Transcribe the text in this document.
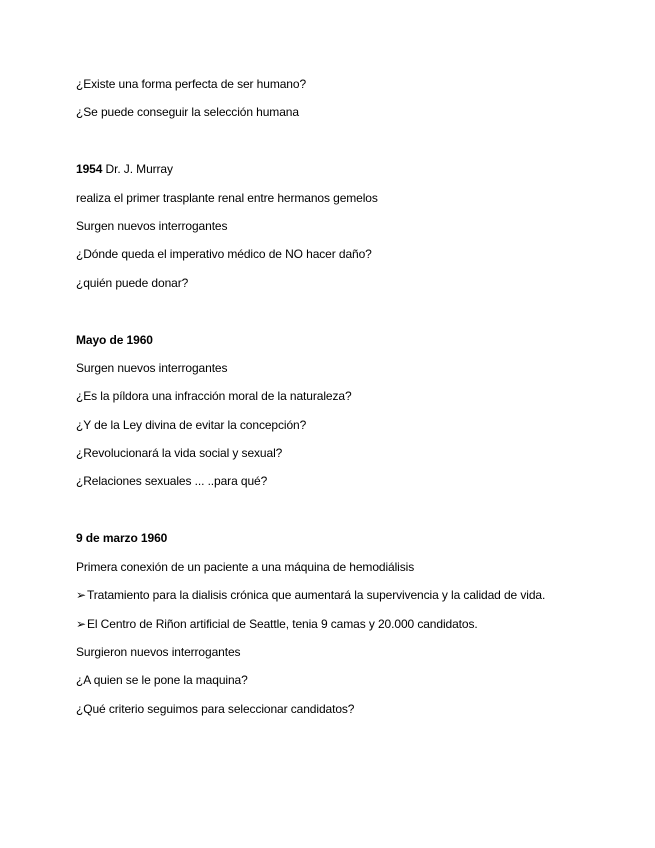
¿Existe una forma perfecta de ser humano?
¿Se puede conseguir la selección humana
1954 Dr. J. Murray
realiza el primer trasplante renal entre hermanos gemelos
Surgen nuevos interrogantes
¿Dónde queda el imperativo médico de NO hacer daño?
¿quién puede donar?
Mayo de 1960
Surgen nuevos interrogantes
¿Es la píldora una infracción moral de la naturaleza?
¿Y de la Ley divina de evitar la concepción?
¿Revolucionará la vida social y sexual?
¿Relaciones sexuales ... ..para qué?
9 de marzo 1960
Primera conexión de un paciente a una máquina de hemodiálisis
➢Tratamiento para la dialisis crónica que aumentará la supervivencia y la calidad de vida.
➢El Centro de Riñon artificial de Seattle, tenia 9 camas y 20.000 candidatos.
Surgieron nuevos interrogantes
¿A quien se le pone la maquina?
¿Qué criterio seguimos para seleccionar candidatos?
